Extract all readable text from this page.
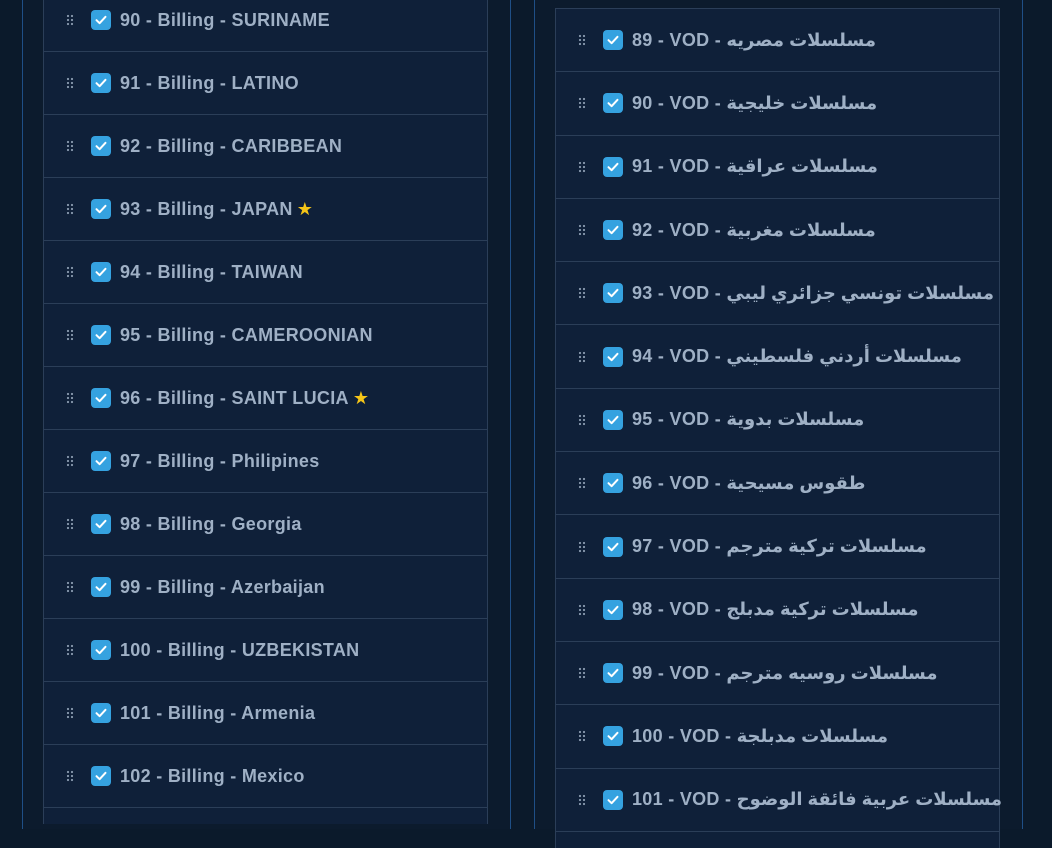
90 - Billing - SURINAME
91 - Billing - LATINO
92 - Billing - CARIBBEAN
93 - Billing - JAPAN ★
94 - Billing - TAIWAN
95 - Billing - CAMEROONIAN
96 - Billing - SAINT LUCIA ★
97 - Billing - Philipines
98 - Billing - Georgia
99 - Billing - Azerbaijan
100 - Billing - UZBEKISTAN
101 - Billing - Armenia
102 - Billing - Mexico
89 - VOD - مسلسلات مصريه
90 - VOD - مسلسلات خليجية
91 - VOD - مسلسلات عراقية
92 - VOD - مسلسلات مغربية
93 - VOD - مسلسلات تونسي جزائري ليبي
94 - VOD - مسلسلات أردني فلسطيني
95 - VOD - مسلسلات بدوية
96 - VOD - طقوس مسيحية
97 - VOD - مسلسلات تركية مترجم
98 - VOD - مسلسلات تركية مدبلج
99 - VOD - مسلسلات روسيه مترجم
100 - VOD - مسلسلات مدبلجة
101 - VOD - مسلسلات عربية فائقة الوضوح
